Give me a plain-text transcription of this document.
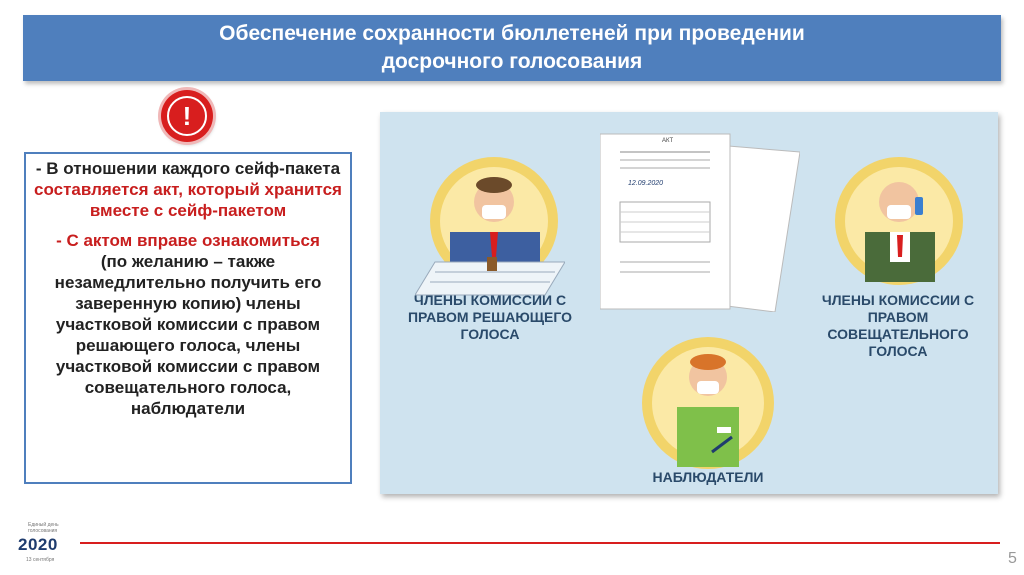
Обеспечение сохранности бюллетеней при проведении
досрочного голосования
!

- В отношении каждого сейф-пакета составляется акт, который хранится вместе с сейф-пакетом

- С актом вправе ознакомиться
(по желанию – также незамедлительно получить его заверенную копию) члены участковой комиссии с правом решающего голоса, члены участковой комиссии с правом совещательного голоса, наблюдатели

ЧЛЕНЫ КОМИССИИ С ПРАВОМ РЕШАЮЩЕГО ГОЛОСА
АКТ
12.09.2020
ЧЛЕНЫ КОМИССИИ С ПРАВОМ СОВЕЩАТЕЛЬНОГО ГОЛОСА
НАБЛЮДАТЕЛИ
Единый день голосования
2020
13 сентября	5
